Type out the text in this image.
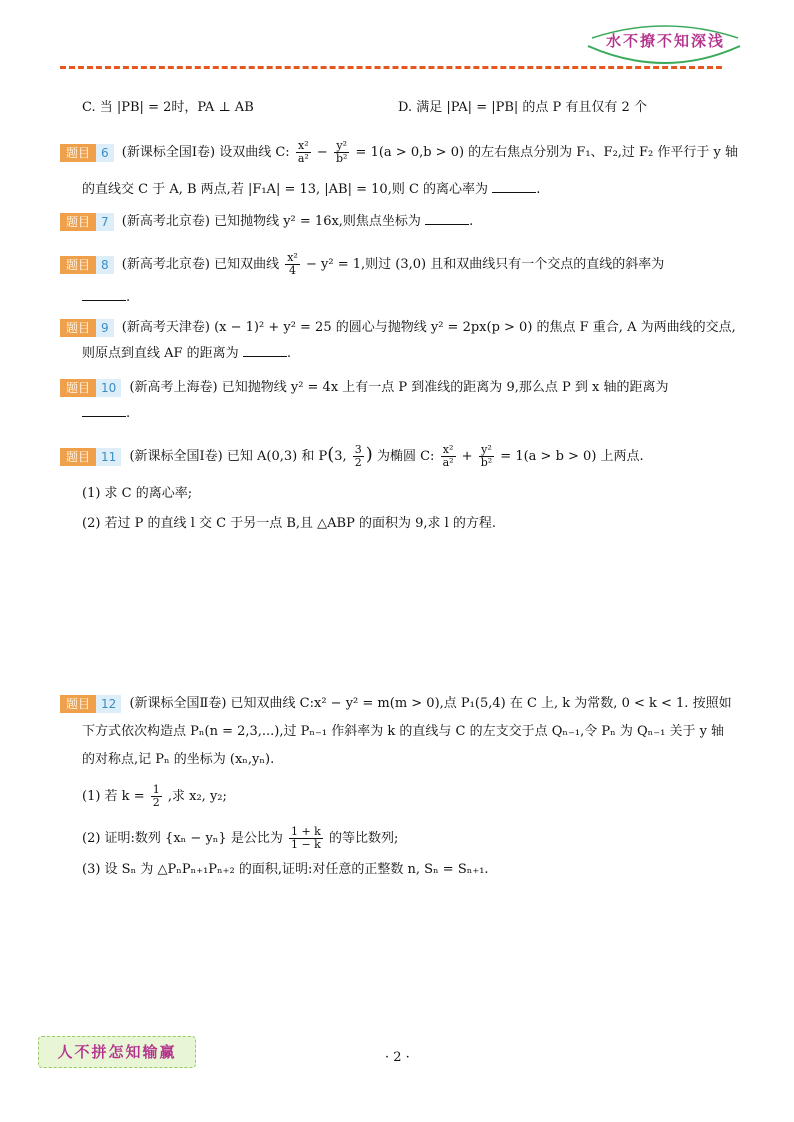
水不撩不知深浅
C. 当 |PB| = 2时，PA ⊥ AB	D. 满足 |PA| = |PB| 的点 P 有且仅有 2 个
题目 6 (新课标全国Ⅰ卷) 设双曲线 C: $\frac{\text{x²}}{\text{a²}} - \frac{\text{y²}}{\text{b²}} = 1(a > 0,b > 0)$ 的左右焦点分别为 F₁、F₂,过 F₂ 作平行于 y 轴
的直线交 C 于 A, B 两点,若 |F₁A| = 13, |AB| = 10,则 C 的离心率为	.
题目 7 (新高考北京卷) 已知抛物线 y² = 16x,则焦点坐标为	.
题目 8 (新高考北京卷) 已知双曲线 $\frac{\text{x²}}{4} - y^2 = 1$,则过 (3,0) 且和双曲线只有一个交点的直线的斜率为
.
题目 9 (新高考天津卷) (x − 1)² + y² = 25 的圆心与抛物线 y² = 2px(p > 0) 的焦点 F 重合, A 为两曲线的交点,
则原点到直线 AF 的距离为	.
题目 10 (新高考上海卷) 已知抛物线 y² = 4x 上有一点 P 到准线的距离为 9,那么点 P 到 x 轴的距离为
.
题目 11 (新课标全国Ⅰ卷) 已知 A(0,3) 和 P(3, $\frac{3}{2}$ ) 为椭圆 C: $\frac{\text{x²}}{\text{a²}} + \frac{\text{y²}}{\text{b²}} = 1(a > b > 0)$ 上两点.
(1) 求 C 的离心率;
(2) 若过 P 的直线 l 交 C 于另一点 B,且 △ABP 的面积为 9,求 l 的方程.
题目 12 (新课标全国Ⅱ卷) 已知双曲线 C:x² − y² = m(m > 0),点 P₁(5,4) 在 C 上, k 为常数, 0 < k < 1. 按照如
下方式依次构造点 Pₙ(n = 2,3,...),过 Pₙ₋₁ 作斜率为 k 的直线与 C 的左支交于点 Qₙ₋₁,令 Pₙ 为 Qₙ₋₁ 关于 y 轴
的对称点,记 Pₙ 的坐标为 (xₙ,yₙ).
(1) 若 $k = \frac{1}{2}$ ,求 x₂, y₂;
(2) 证明:数列 {xₙ − yₙ} 是公比为 $\frac{1 + k}{1 - k}$ 的等比数列;
(3) 设 Sₙ 为 △PₙPₙ₊₁Pₙ₊₂ 的面积,证明:对任意的正整数 n, Sₙ = Sₙ₊₁.
人不拼怎知输赢	· 2 ·
